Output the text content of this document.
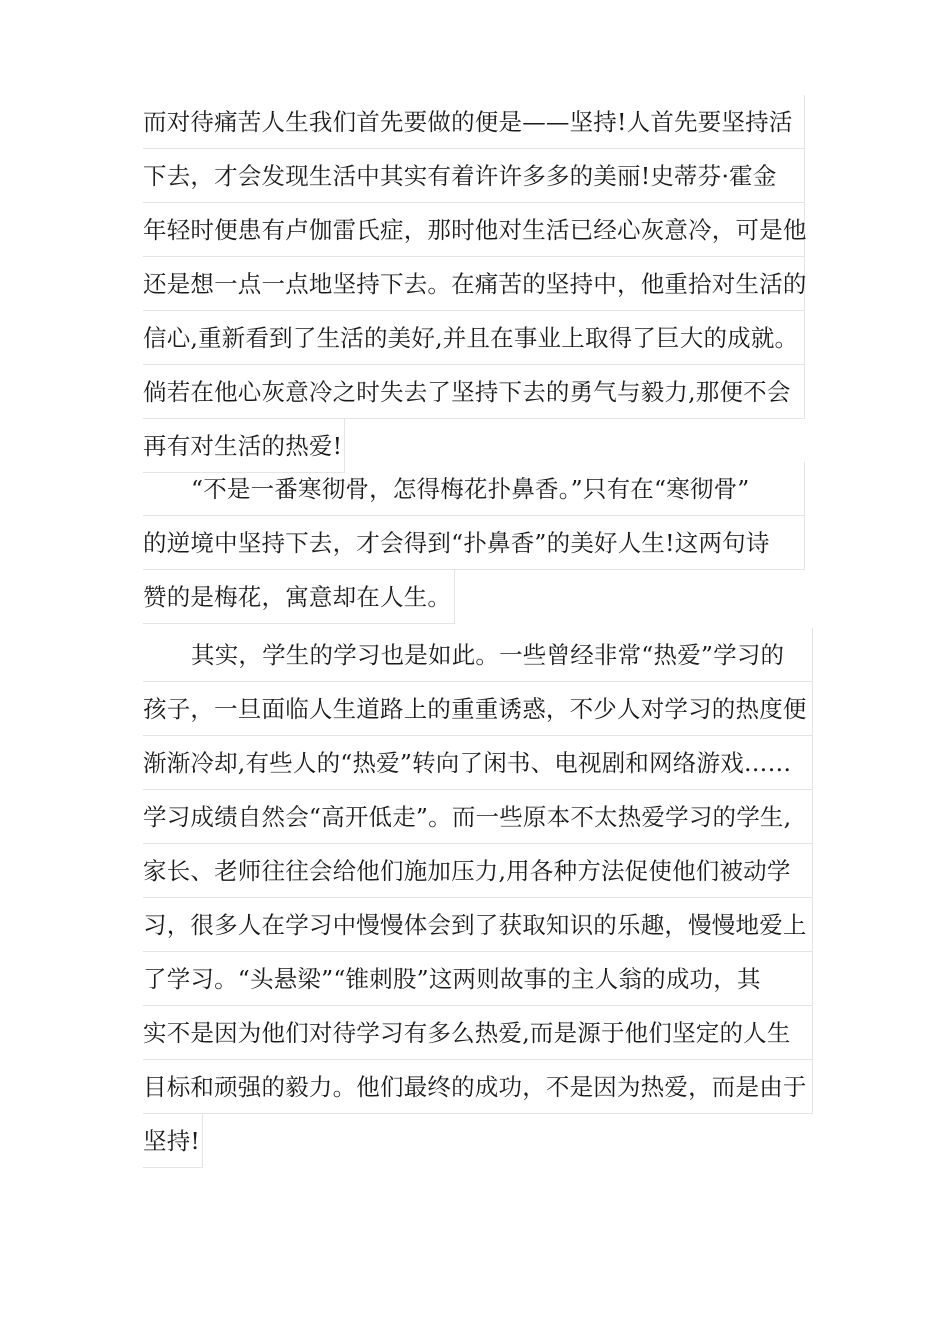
而对待痛苦人生我们首先要做的便是——坚持!人首先要坚持活
下去，才会发现生活中其实有着许许多多的美丽!史蒂芬·霍金
年轻时便患有卢伽雷氏症，那时他对生活已经心灰意冷，可是他
还是想一点一点地坚持下去。在痛苦的坚持中，他重拾对生活的
信心,重新看到了生活的美好,并且在事业上取得了巨大的成就。
倘若在他心灰意冷之时失去了坚持下去的勇气与毅力,那便不会
再有对生活的热爱!
“不是一番寒彻骨，怎得梅花扑鼻香。”只有在“寒彻骨”
的逆境中坚持下去，才会得到“扑鼻香”的美好人生!这两句诗
赞的是梅花，寓意却在人生。
其实，学生的学习也是如此。一些曾经非常“热爱”学习的
孩子，一旦面临人生道路上的重重诱惑，不少人对学习的热度便
渐渐冷却,有些人的“热爱”转向了闲书、电视剧和网络游戏……
学习成绩自然会“高开低走”。而一些原本不太热爱学习的学生,
家长、老师往往会给他们施加压力,用各种方法促使他们被动学
习，很多人在学习中慢慢体会到了获取知识的乐趣，慢慢地爱上
了学习。“头悬梁”“锥刺股”这两则故事的主人翁的成功，其
实不是因为他们对待学习有多么热爱,而是源于他们坚定的人生
目标和顽强的毅力。他们最终的成功，不是因为热爱，而是由于
坚持!
